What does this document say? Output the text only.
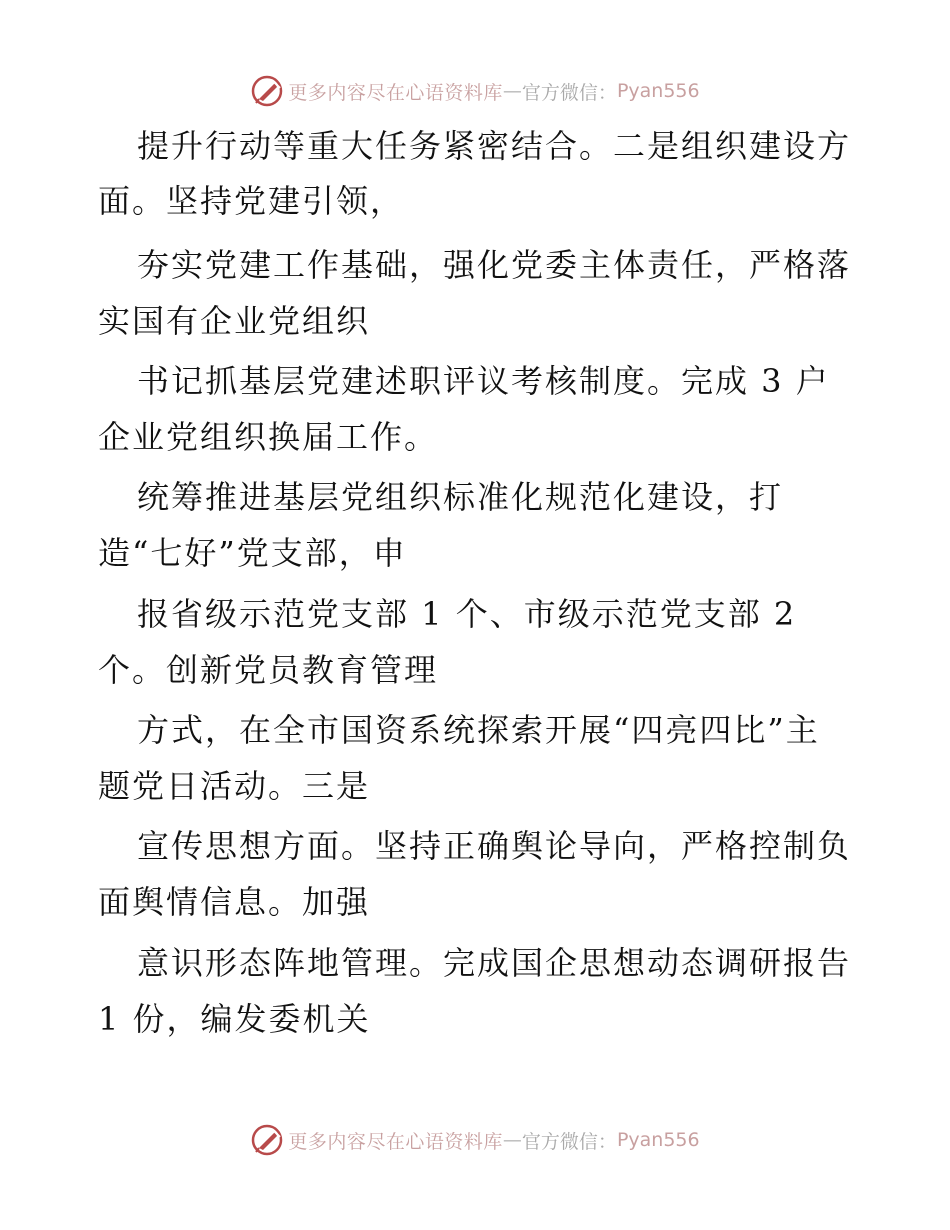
更多内容尽在心语资料库 — 官方微信： Pyan556
提升行动等重大任务紧密结合。二是组织建设方
面。坚持党建引领，
夯实党建工作基础，强化党委主体责任，严格落
实国有企业党组织
书记抓基层党建述职评议考核制度。完成 3 户
企业党组织换届工作。
统筹推进基层党组织标准化规范化建设，打
造“七好”党支部，申
报省级示范党支部 1 个、市级示范党支部 2
个。创新党员教育管理
方式，在全市国资系统探索开展“四亮四比”主
题党日活动。三是
宣传思想方面。坚持正确舆论导向，严格控制负
面舆情信息。加强
意识形态阵地管理。完成国企思想动态调研报告
1 份，编发委机关
更多内容尽在心语资料库 — 官方微信： Pyan556
